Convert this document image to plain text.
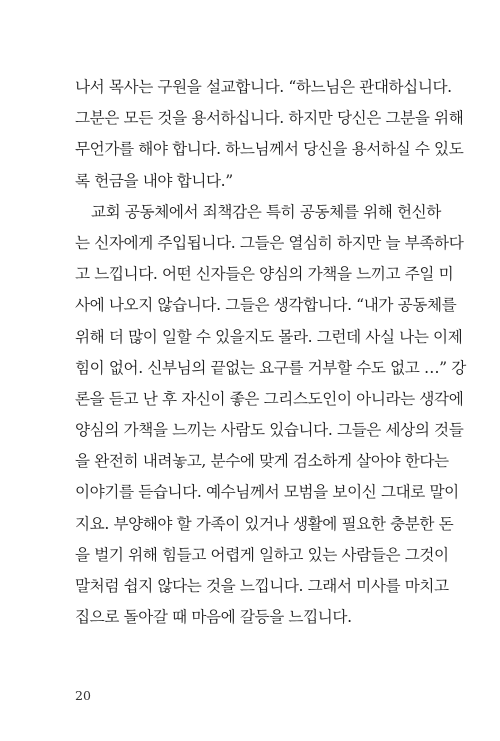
나서 목사는 구원을 설교합니다. “하느님은 관대하십니다.
그분은 모든 것을 용서하십니다. 하지만 당신은 그분을 위해
무언가를 해야 합니다. 하느님께서 당신을 용서하실 수 있도
록 헌금을 내야 합니다.”
교회 공동체에서 죄책감은 특히 공동체를 위해 헌신하
는 신자에게 주입됩니다. 그들은 열심히 하지만 늘 부족하다
고 느낍니다. 어떤 신자들은 양심의 가책을 느끼고 주일 미
사에 나오지 않습니다. 그들은 생각합니다. “내가 공동체를
위해 더 많이 일할 수 있을지도 몰라. 그런데 사실 나는 이제
힘이 없어. 신부님의 끝없는 요구를 거부할 수도 없고 …” 강
론을 듣고 난 후 자신이 좋은 그리스도인이 아니라는 생각에
양심의 가책을 느끼는 사람도 있습니다. 그들은 세상의 것들
을 완전히 내려놓고, 분수에 맞게 검소하게 살아야 한다는
이야기를 듣습니다. 예수님께서 모범을 보이신 그대로 말이
지요. 부양해야 할 가족이 있거나 생활에 필요한 충분한 돈
을 벌기 위해 힘들고 어렵게 일하고 있는 사람들은 그것이
말처럼 쉽지 않다는 것을 느낍니다. 그래서 미사를 마치고
집으로 돌아갈 때 마음에 갈등을 느낍니다.
20
